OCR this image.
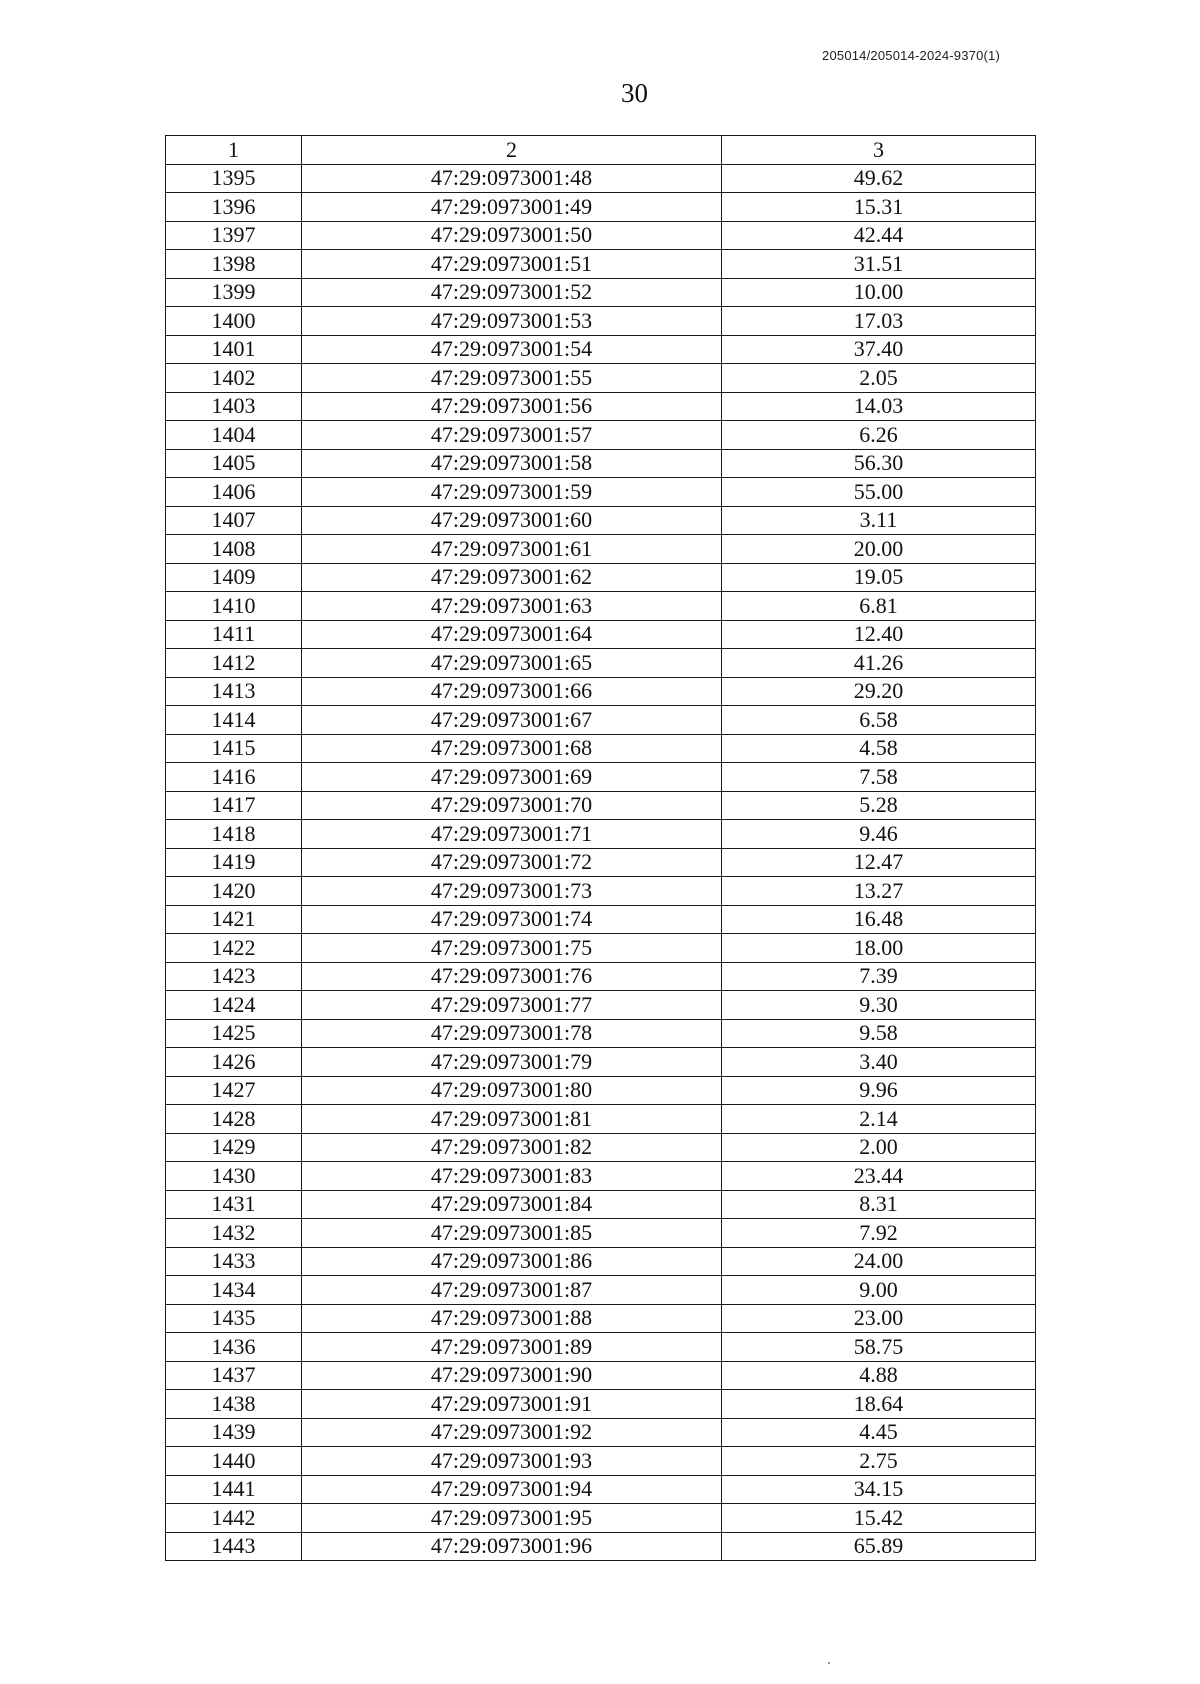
205014/205014-2024-9370(1)
30
1	2	3
1395	47:29:0973001:48	49.62
1396	47:29:0973001:49	15.31
1397	47:29:0973001:50	42.44
1398	47:29:0973001:51	31.51
1399	47:29:0973001:52	10.00
1400	47:29:0973001:53	17.03
1401	47:29:0973001:54	37.40
1402	47:29:0973001:55	2.05
1403	47:29:0973001:56	14.03
1404	47:29:0973001:57	6.26
1405	47:29:0973001:58	56.30
1406	47:29:0973001:59	55.00
1407	47:29:0973001:60	3.11
1408	47:29:0973001:61	20.00
1409	47:29:0973001:62	19.05
1410	47:29:0973001:63	6.81
1411	47:29:0973001:64	12.40
1412	47:29:0973001:65	41.26
1413	47:29:0973001:66	29.20
1414	47:29:0973001:67	6.58
1415	47:29:0973001:68	4.58
1416	47:29:0973001:69	7.58
1417	47:29:0973001:70	5.28
1418	47:29:0973001:71	9.46
1419	47:29:0973001:72	12.47
1420	47:29:0973001:73	13.27
1421	47:29:0973001:74	16.48
1422	47:29:0973001:75	18.00
1423	47:29:0973001:76	7.39
1424	47:29:0973001:77	9.30
1425	47:29:0973001:78	9.58
1426	47:29:0973001:79	3.40
1427	47:29:0973001:80	9.96
1428	47:29:0973001:81	2.14
1429	47:29:0973001:82	2.00
1430	47:29:0973001:83	23.44
1431	47:29:0973001:84	8.31
1432	47:29:0973001:85	7.92
1433	47:29:0973001:86	24.00
1434	47:29:0973001:87	9.00
1435	47:29:0973001:88	23.00
1436	47:29:0973001:89	58.75
1437	47:29:0973001:90	4.88
1438	47:29:0973001:91	18.64
1439	47:29:0973001:92	4.45
1440	47:29:0973001:93	2.75
1441	47:29:0973001:94	34.15
1442	47:29:0973001:95	15.42
1443	47:29:0973001:96	65.89
